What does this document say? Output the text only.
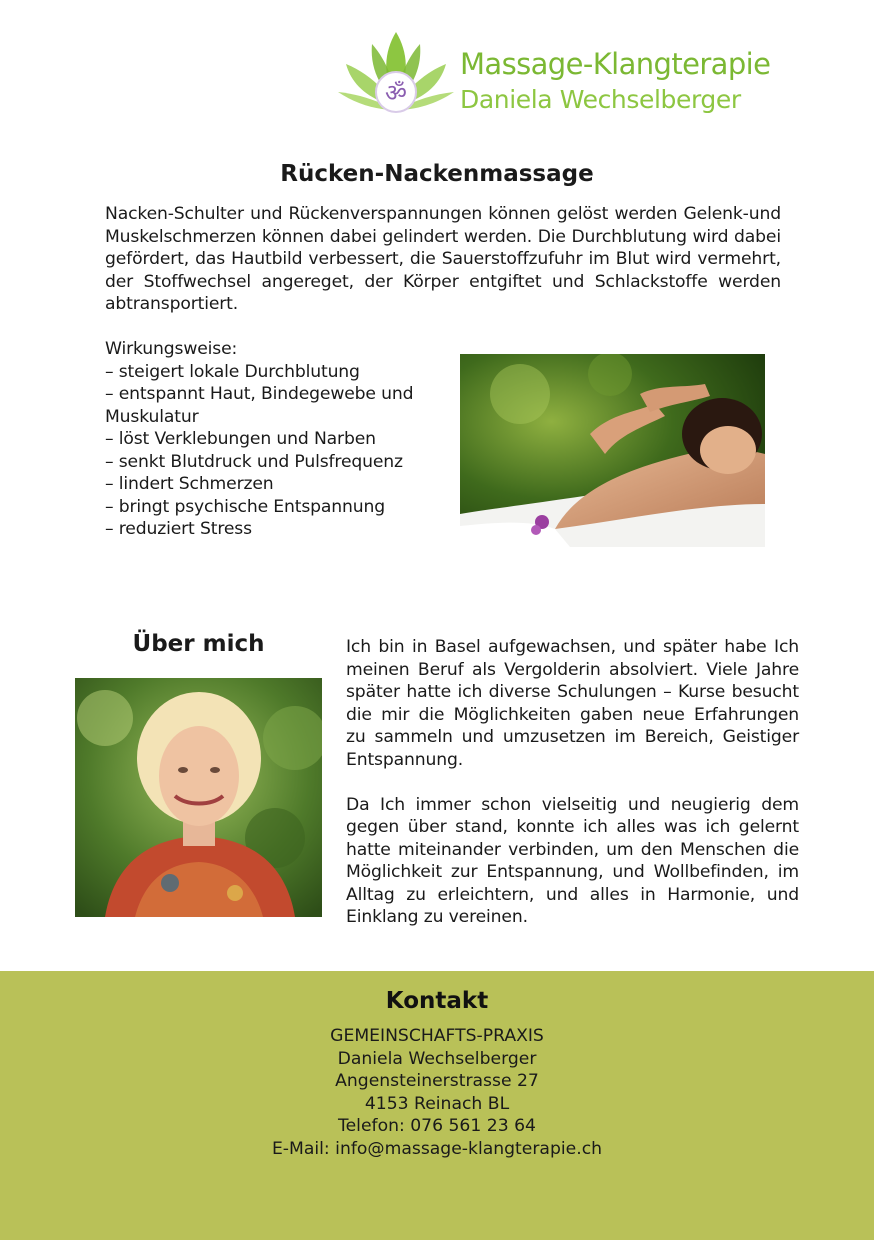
ॐ
Massage-Klangterapie
Daniela Wechselberger
Rücken-Nackenmassage

Nacken-Schulter und Rückenverspannungen können gelöst werden Gelenk-und Muskelschmerzen können dabei gelindert werden. Die Durchblutung wird dabei gefördert, das Hautbild verbessert, die Sauerstoffzufuhr im Blut wird vermehrt, der Stoffwechsel angereget, der Körper entgiftet und Schlackstoffe werden abtransportiert.

Wirkungsweise:
– steigert lokale Durchblutung
– entspannt Haut, Bindegewebe und Muskulatur
– löst Verklebungen und Narben
– senkt Blutdruck und Pulsfrequenz
– lindert Schmerzen
– bringt psychische Entspannung
– reduziert Stress
Über mich	Ich bin in Basel aufgewachsen, und später habe Ich meinen Beruf als Vergolderin absolviert. Viele Jahre später hatte ich diverse Schulungen – Kurse besucht die mir die Möglichkeiten gaben neue Erfahrungen zu sammeln und umzusetzen im Bereich, Geistiger Entspannung.

Da Ich immer schon vielseitig und neugierig dem gegen über stand, konnte ich alles was ich gelernt hatte miteinander verbinden, um den Menschen die Möglichkeit zur Entspannung, und Wollbefinden, im Alltag zu erleichtern, und alles in Harmonie, und Einklang zu vereinen.

Kontakt
GEMEINSCHAFTS-PRAXIS
Daniela Wechselberger
Angensteinerstrasse 27
4153 Reinach BL
Telefon: 076 561 23 64
E-Mail: info@massage-klangterapie.ch
